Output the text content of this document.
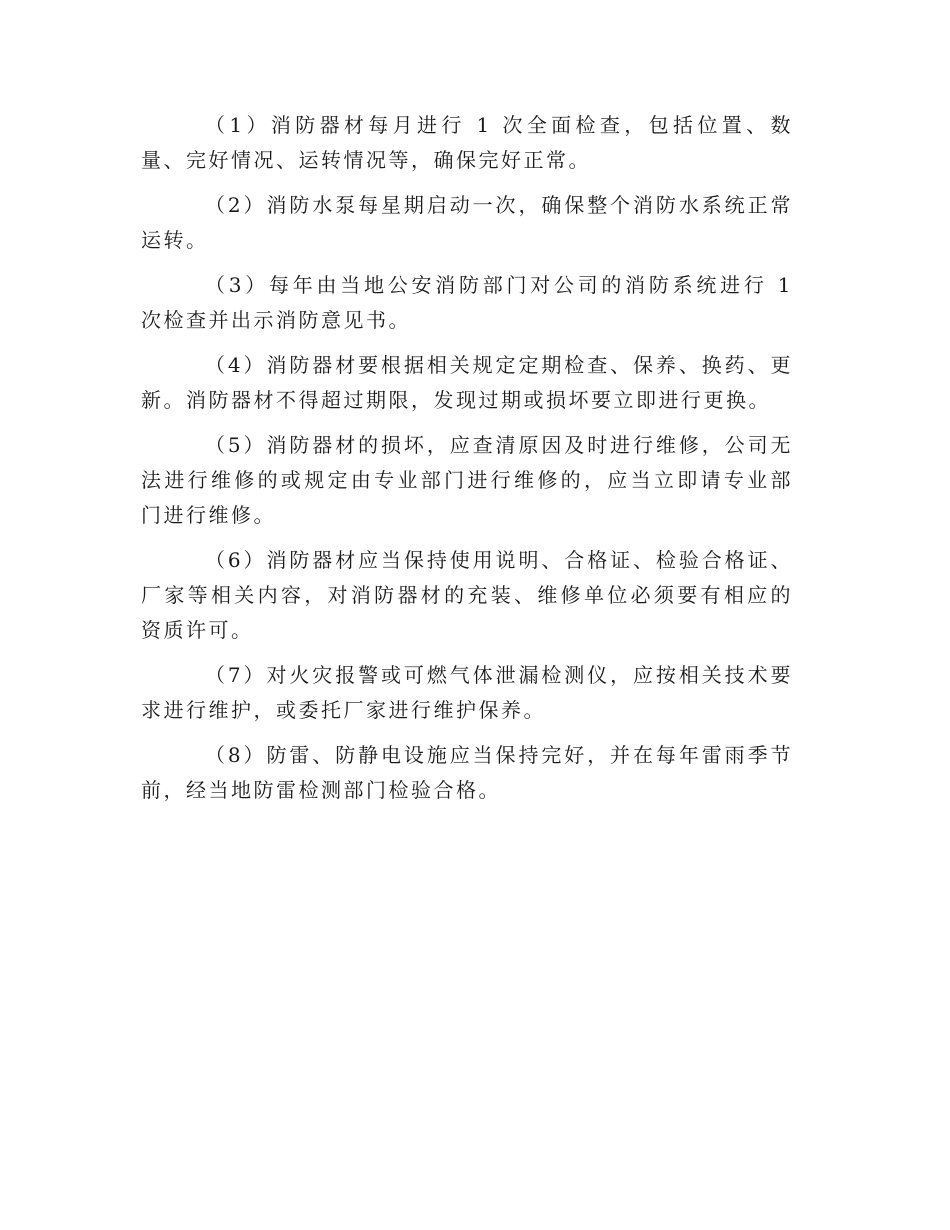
（1）消防器材每月进行 1 次全面检查，包括位置、数量、完好情况、运转情况等，确保完好正常。

（2）消防水泵每星期启动一次，确保整个消防水系统正常运转。

（3）每年由当地公安消防部门对公司的消防系统进行 1 次检查并出示消防意见书。

（4）消防器材要根据相关规定定期检查、保养、换药、更新。消防器材不得超过期限，发现过期或损坏要立即进行更换。

（5）消防器材的损坏，应查清原因及时进行维修，公司无法进行维修的或规定由专业部门进行维修的，应当立即请专业部门进行维修。

（6）消防器材应当保持使用说明、合格证、检验合格证、厂家等相关内容，对消防器材的充装、维修单位必须要有相应的资质许可。

（7）对火灾报警或可燃气体泄漏检测仪，应按相关技术要求进行维护，或委托厂家进行维护保养。

（8）防雷、防静电设施应当保持完好，并在每年雷雨季节前，经当地防雷检测部门检验合格。
